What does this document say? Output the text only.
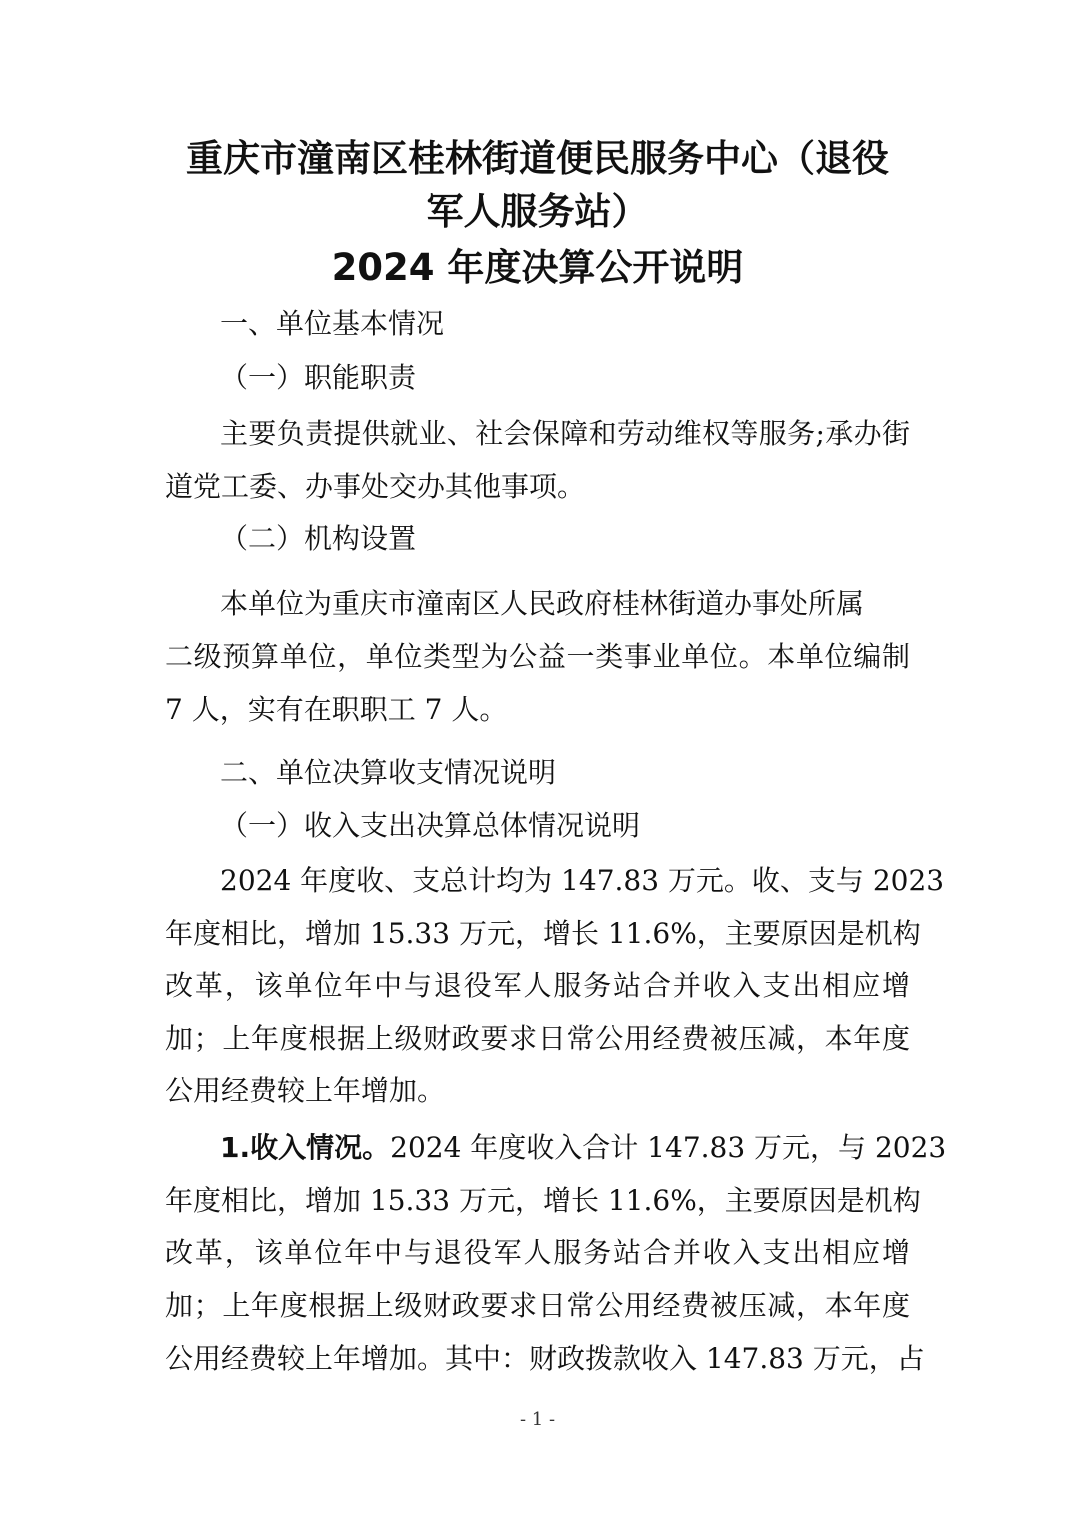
重庆市潼南区桂林街道便民服务中心（退役
军人服务站）
2024 年度决算公开说明
一、单位基本情况
（一）职能职责
主要负责提供就业、社会保障和劳动维权等服务;承办街
道党工委、办事处交办其他事项。
（二）机构设置
本单位为重庆市潼南区人民政府桂林街道办事处所属
二级预算单位，单位类型为公益一类事业单位。本单位编制
7 人，实有在职职工 7 人。
二、单位决算收支情况说明
（一）收入支出决算总体情况说明
2024 年度收、支总计均为 147.83 万元。收、支与 2023
年度相比，增加 15.33 万元，增长 11.6%，主要原因是机构
改革，该单位年中与退役军人服务站合并收入支出相应增
加；上年度根据上级财政要求日常公用经费被压减，本年度
公用经费较上年增加。
1.收入情况。2024 年度收入合计 147.83 万元，与 2023
年度相比，增加 15.33 万元，增长 11.6%，主要原因是机构
改革，该单位年中与退役军人服务站合并收入支出相应增
加；上年度根据上级财政要求日常公用经费被压减，本年度
公用经费较上年增加。其中：财政拨款收入 147.83 万元，占
- 1 -
